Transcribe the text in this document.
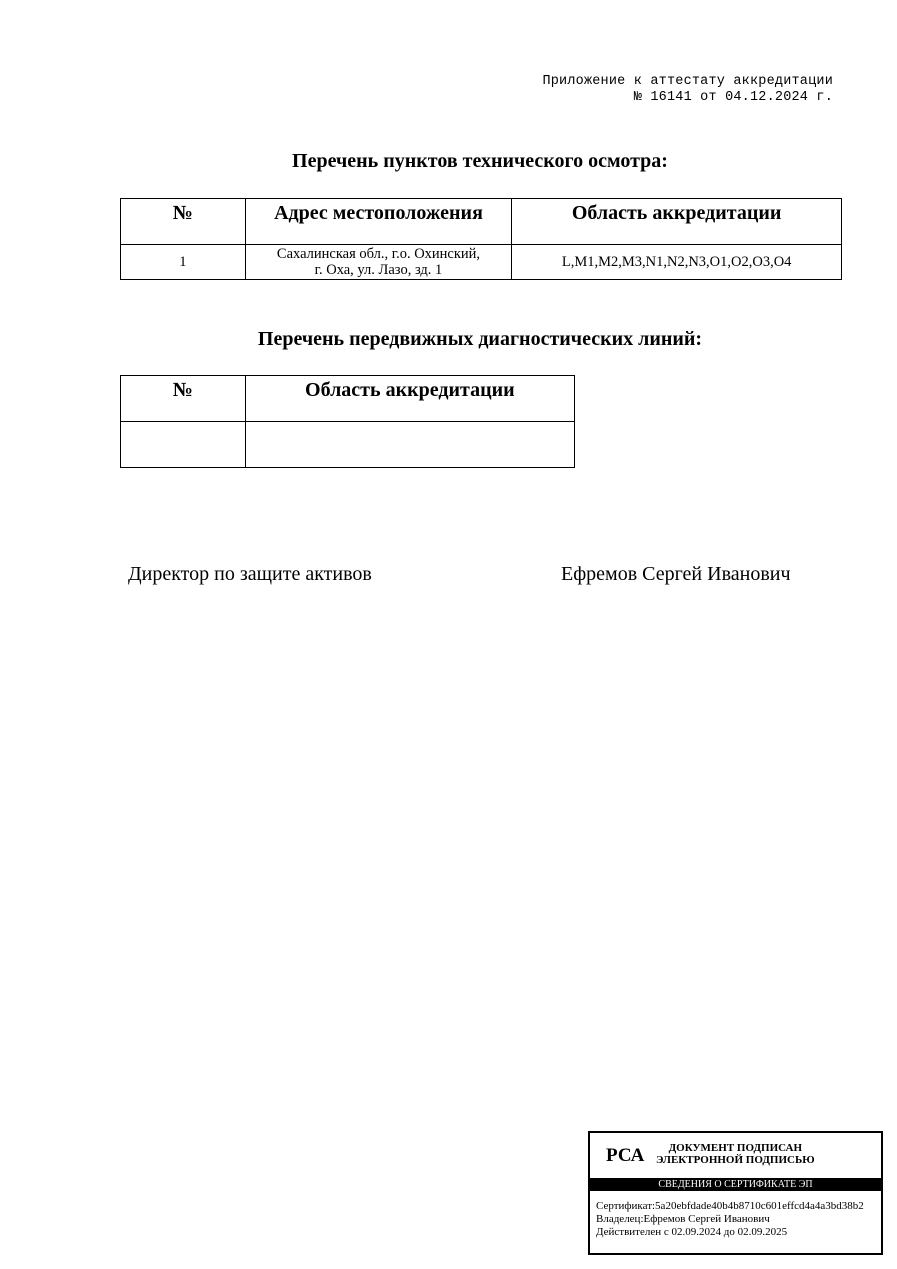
Приложение к аттестату аккредитации
№ 16141 от 04.12.2024 г.
Перечень пунктов технического осмотра:
№	Адрес местоположения	Область аккредитации
1	Сахалинская обл., г.о. Охинский,
г. Оха, ул. Лазо, зд. 1	L,M1,M2,M3,N1,N2,N3,O1,O2,O3,O4
Перечень передвижных диагностических линий:
№	Область аккредитации

Директор по защите активов	Ефремов Сергей Иванович
РСА	ДОКУМЕНТ ПОДПИСАН
ЭЛЕКТРОННОЙ ПОДПИСЬЮ
СВЕДЕНИЯ О СЕРТИФИКАТЕ ЭП
Сертификат:5a20ebfdade40b4b8710c601effcd4a4a3bd38b2
Владелец:Ефремов Сергей Иванович
Действителен с 02.09.2024 до 02.09.2025
